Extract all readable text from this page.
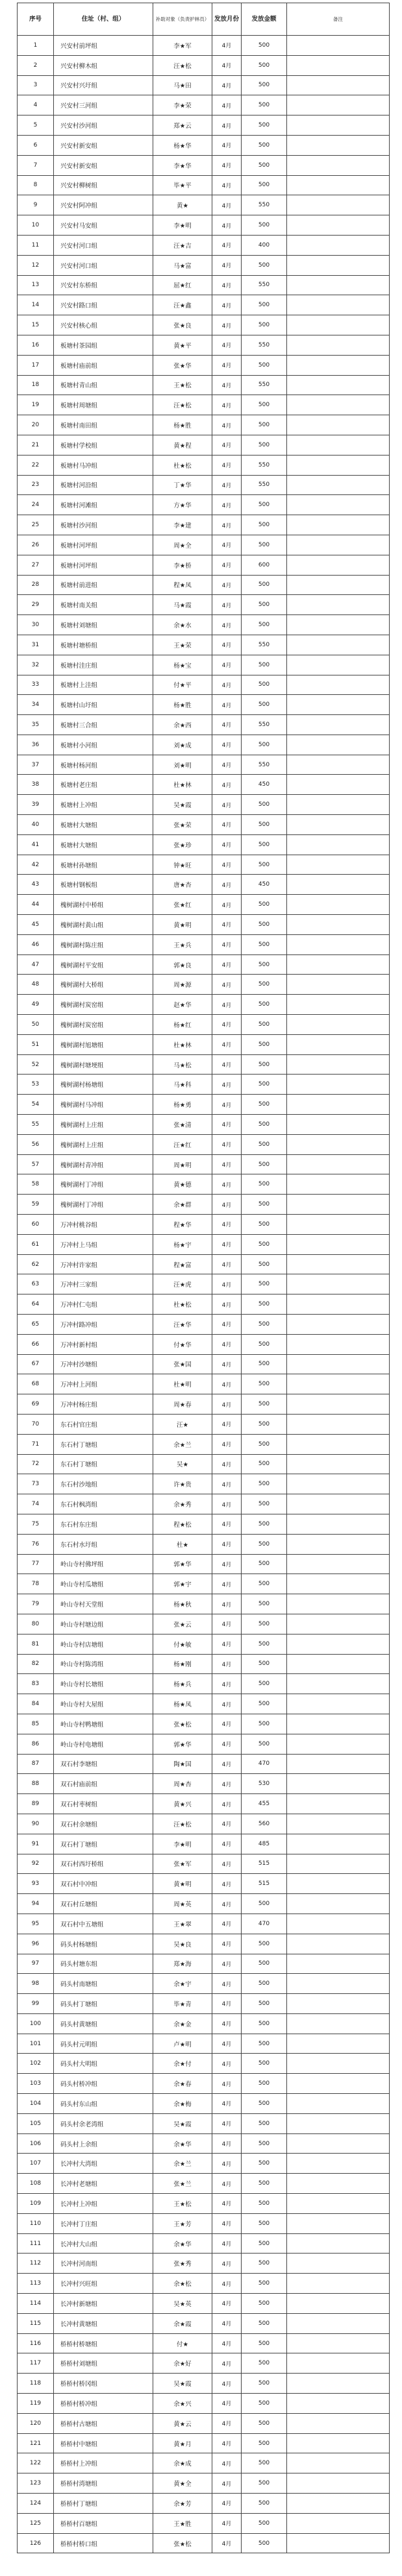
序号	住址（村、组）	补助对象（负责护林员）	发放月份	发放金额	备注
1	兴安村前坪组	李★军	4月	500	
2	兴安村柳木组	汪★松	4月	500	
3	兴安村兴圩组	马★田	4月	500	
4	兴安村三河组	李★荣	4月	500	
5	兴安村沙河组	郑★云	4月	500	
6	兴安村新安组	杨★华	4月	500	
7	兴安村新安组	李★华	4月	500	
8	兴安村柳树组	毕★平	4月	500	
9	兴安村阿冲组	黄★	4月	550	
10	兴安村马安组	李★明	4月	500	
11	兴安村河口组	汪★吉	4月	400	
12	兴安村河口组	马★富	4月	500	
13	兴安村东桥组	屈★红	4月	550	
14	兴安村路口组	汪★鑫	4月	500	
15	兴安村核心组	张★良	4月	500	
16	板塘村茶园组	黄★平	4月	550	
17	板塘村庙前组	张★华	4月	500	
18	板塘村青山组	王★松	4月	550	
19	板塘村周塘组	汪★松	4月	500	
20	板塘村南田组	杨★胜	4月	500	
21	板塘村学校组	黄★程	4月	500	
22	板塘村马冲组	杜★松	4月	550	
23	板塘村河沿组	丁★华	4月	550	
24	板塘村河滩组	方★华	4月	500	
25	板塘村沙河组	李★建	4月	500	
26	板塘村河坪组	周★全	4月	500	
27	板塘村河坪组	李★桥	4月	600	
28	板塘村前进组	程★凤	4月	500	
29	板塘村南关组	马★霞	4月	500	
30	板塘村刘塘组	余★水	4月	500	
31	板塘村塘桥组	王★荣	4月	550	
32	板塘村洼庄组	杨★宝	4月	500	
33	板塘村上洼组	付★平	4月	500	
34	板塘村山圩组	杨★胜	4月	500	
35	板塘村三合组	余★西	4月	550	
36	板塘村小河组	刘★成	4月	500	
37	板塘村杨河组	刘★明	4月	550	
38	板塘村老庄组	杜★林	4月	450	
39	板塘村上冲组	吴★霞	4月	500	
40	板塘村大塘组	张★荣	4月	500	
41	板塘村大塘组	张★珍	4月	500	
42	板塘村孙塘组	钟★旺	4月	500	
43	板塘村钢板组	唐★杏	4月	450	
44	槐树湖村中桥组	张★红	4月	500	
45	槐树湖村黄山组	黄★明	4月	500	
46	槐树湖村陈庄组	王★兵	4月	500	
47	槐树湖村平安组	郭★良	4月	500	
48	槐树湖村大桥组	周★源	4月	500	
49	槐树湖村炭窑组	赵★华	4月	500	
50	槐树湖村炭窑组	杨★红	4月	500	
51	槐树湖村旭塘组	杜★林	4月	500	
52	槐树湖村塘埂组	马★松	4月	500	
53	槐树湖村杨塘组	马★科	4月	500	
54	槐树湖村马冲组	杨★勇	4月	500	
55	槐树湖村上庄组	张★清	4月	500	
56	槐树湖村上庄组	汪★红	4月	500	
57	槐树湖村青冲组	周★明	4月	500	
58	槐树湖村丁冲组	黄★德	4月	500	
59	槐树湖村丁冲组	余★群	4月	500	
60	万冲村桃谷组	程★华	4月	500	
61	万冲村上马组	杨★宇	4月	500	
62	万冲村许家组	程★富	4月	500	
63	万冲村三家组	汪★虎	4月	500	
64	万冲村仁屯组	杜★松	4月	500	
65	万冲村路冲组	汪★华	4月	500	
66	万冲村新村组	付★华	4月	500	
67	万冲村沙塘组	张★国	4月	500	
68	万冲村上河组	杜★明	4月	500	
69	万冲村杨庄组	周★春	4月	500	
70	东石村官庄组	汪★	4月	500	
71	东石村丁塘组	余★兰	4月	500	
72	东石村丁塘组	吴★	4月	500	
73	东石村沙地组	许★贵	4月	500	
74	东石村枫湾组	余★秀	4月	500	
75	东石村东庄组	程★松	4月	500	
76	东石村水圩组	杜★	4月	500	
77	岭山寺村佛坪组	郭★华	4月	500	
78	岭山寺村瓜塘组	郭★宇	4月	500	
79	岭山寺村天堂组	杨★秋	4月	500	
80	岭山寺村塘边组	张★云	4月	500	
81	岭山寺村店塘组	付★敏	4月	500	
82	岭山寺村陈湾组	杨★刚	4月	500	
83	岭山寺村长塘组	杨★兵	4月	500	
84	岭山寺村大屋组	杨★凤	4月	500	
85	岭山寺村鸭塘组	张★松	4月	500	
86	岭山寺村电塘组	郭★华	4月	500	
87	双石村李塘组	陶★国	4月	470	
88	双石村庙前组	周★杏	4月	530	
89	双石村枣树组	黄★兴	4月	455	
90	双石村余塘组	汪★松	4月	560	
91	双石村丁塘组	李★明	4月	485	
92	双石村西圩桥组	张★军	4月	515	
93	双石村中冲组	黄★明	4月	515	
94	双石村丘塘组	周★英	4月	500	
95	双石村中五塘组	王★翠	4月	470	
96	码头村杨塘组	吴★良	4月	500	
97	码头村塘东组	郑★海	4月	500	
98	码头村南塘组	余★宇	4月	500	
99	码头村丁塘组	毕★青	4月	500	
100	码头村黄塘组	余★金	4月	500	
101	码头村元明组	卢★明	4月	500	
102	码头村大明组	余★付	4月	500	
103	码头村桥冲组	余★春	4月	500	
104	码头村东山组	余★梅	4月	500	
105	码头村余老湾组	吴★霞	4月	500	
106	码头村上余组	余★华	4月	500	
107	长冲村大湾组	余★兰	4月	500	
108	长冲村老塘组	张★兰	4月	500	
109	长冲村上冲组	王★松	4月	500	
110	长冲村丁庄组	王★芳	4月	500	
111	长冲村大山组	余★华	4月	500	
112	长冲村河南组	张★秀	4月	500	
113	长冲村兴旺组	余★松	4月	500	
114	长冲村新塘组	吴★英	4月	500	
115	长冲村黄塘组	余★霞	4月	500	
116	桥桥村桥塘组	付★	4月	500	
117	桥桥村刘塘组	余★好	4月	500	
118	桥桥村桥冈组	吴★霞	4月	500	
119	桥桥村桥冲组	余★兴	4月	500	
120	桥桥村古塘组	黄★云	4月	500	
121	桥桥村中塘组	黄★月	4月	500	
122	桥桥村上冲组	余★成	4月	500	
123	桥桥村湾塘组	黄★全	4月	500	
124	桥桥村丁塘组	余★芳	4月	500	
125	桥桥村百塘组	王★胜	4月	500	
126	桥桥村桥口组	张★松	4月	500	
